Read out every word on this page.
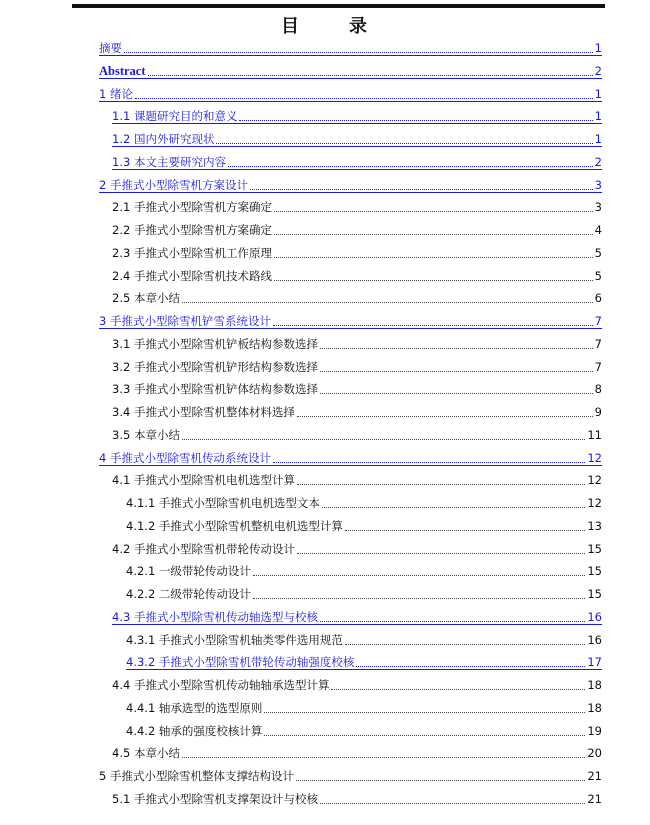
目	录
摘要	1
Abstract	2
1 绪论	1
1.1 课题研究目的和意义	1
1.2 国内外研究现状	1
1.3 本文主要研究内容	2
2 手推式小型除雪机方案设计	3
2.1 手推式小型除雪机方案确定	3
2.2 手推式小型除雪机方案确定	4
2.3 手推式小型除雪机工作原理	5
2.4 手推式小型除雪机技术路线	5
2.5 本章小结	6
3 手推式小型除雪机铲雪系统设计	7
3.1 手推式小型除雪机铲板结构参数选择	7
3.2 手推式小型除雪机铲形结构参数选择	7
3.3 手推式小型除雪机铲体结构参数选择	8
3.4 手推式小型除雪机整体材料选择	9
3.5 本章小结	11
4 手推式小型除雪机传动系统设计	12
4.1 手推式小型除雪机电机选型计算	12
4.1.1 手推式小型除雪机电机选型文本	12
4.1.2 手推式小型除雪机整机电机选型计算	13
4.2 手推式小型除雪机带轮传动设计	15
4.2.1 一级带轮传动设计	15
4.2.2 二级带轮传动设计	15
4.3 手推式小型除雪机传动轴选型与校核	16
4.3.1 手推式小型除雪机轴类零件选用规范	16
4.3.2 手推式小型除雪机带轮传动轴强度校核	17
4.4 手推式小型除雪机传动轴轴承选型计算	18
4.4.1 轴承选型的选型原则	18
4.4.2 轴承的强度校核计算	19
4.5 本章小结	20
5 手推式小型除雪机整体支撑结构设计	21
5.1 手推式小型除雪机支撑架设计与校核	21
